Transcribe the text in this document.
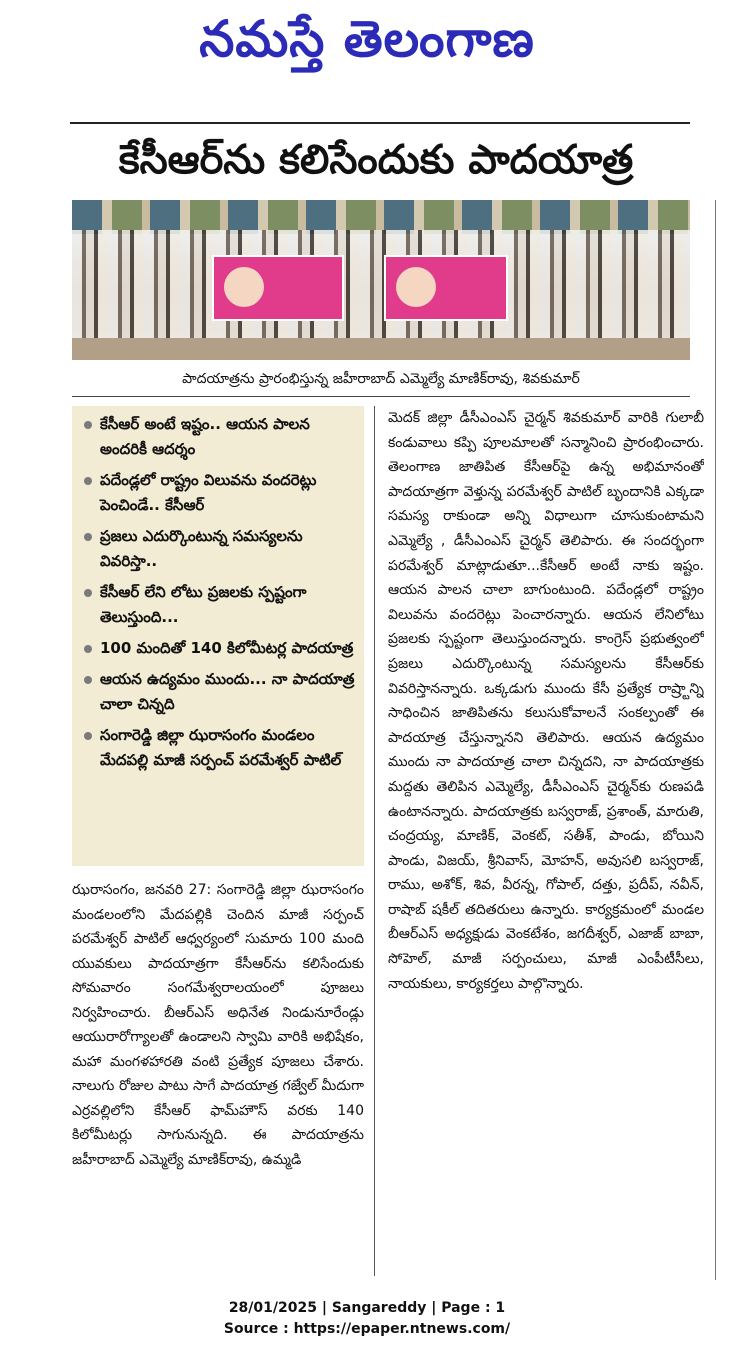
నమస్తే తెలంగాణ
కేసీఆర్‌ను కలిసేందుకు పాదయాత్ర
పాదయాత్రను ప్రారంభిస్తున్న జహీరాబాద్‌ ఎమ్మెల్యే మాణిక్‌రావు, శివకుమార్‌
కేసీఆర్‌ అంటే ఇష్టం.. ఆయన పాలన అందరికీ ఆదర్శం
పదేండ్లలో రాష్ట్రం విలువను వందరెట్లు పెంచిండే.. కేసీఆర్‌
ప్రజలు ఎదుర్కొంటున్న సమస్యలను వివరిస్తా..
కేసీఆర్‌ లేని లోటు ప్రజలకు స్పష్టంగా తెలుస్తుంది...
100 మందితో 140 కిలోమీటర్ల పాదయాత్ర
ఆయన ఉద్యమం ముందు... నా పాదయాత్ర చాలా చిన్నది
సంగారెడ్డి జిల్లా ఝరాసంగం మండలం మేదపల్లి మాజీ సర్పంచ్‌ పరమేశ్వర్‌ పాటిల్‌
ఝరాసంగం, జనవరి 27: సంగారెడ్డి జిల్లా ఝరాసంగం మండలంలోని మేదపల్లికి చెందిన మాజీ సర్పంచ్‌ పరమేశ్వర్‌ పాటిల్‌ ఆధ్వర్యంలో సుమారు 100 మంది యువకులు పాదయాత్రగా కేసీఆర్‌ను కలిసేందుకు సోమవారం సంగమేశ్వరాలయంలో పూజలు నిర్వహించారు. బీఆర్‌ఎస్‌ అధినేత నిండునూరేండ్లు ఆయురారోగ్యాలతో ఉండాలని స్వామి వారికి అభిషేకం, మహా మంగళహారతి వంటి ప్రత్యేక పూజలు చేశారు. నాలుగు రోజుల పాటు సాగే పాదయాత్ర గజ్వేల్‌ మీదుగా ఎర్రవల్లిలోని కేసీఆర్‌ ఫామ్‌హౌస్‌ వరకు 140 కిలోమీటర్లు సాగునున్నది. ఈ పాదయాత్రను జహీరాబాద్‌ ఎమ్మెల్యే మాణిక్‌రావు, ఉమ్మడి
మెదక్‌ జిల్లా డీసీఎంఎస్‌ చైర్మన్‌ శివకుమార్‌ వారికి గులాబీ కండువాలు కప్పి పూలమాలతో సన్మానించి ప్రారంభించారు. తెలంగాణ జాతిపిత కేసీఆర్‌పై ఉన్న అభిమానంతో పాదయాత్రగా వెళ్తున్న పరమేశ్వర్‌ పాటిల్‌ బృందానికి ఎక్కడా సమస్య రాకుండా అన్ని విధాలుగా చూసుకుంటామని ఎమ్మెల్యే , డీసీఎంఎస్‌ చైర్మన్‌ తెలిపారు. ఈ సందర్భంగా పరమేశ్వర్‌ మాట్లాడుతూ...కేసీఆర్‌ అంటే నాకు ఇష్టం. ఆయన పాలన చాలా బాగుంటుంది. పదేండ్లలో రాష్ట్రం విలువను వందరెట్లు పెంచారన్నారు. ఆయన లేనిలోటు ప్రజలకు స్పష్టంగా తెలుస్తుందన్నారు. కాంగ్రెస్‌ ప్రభుత్వంలో ప్రజలు ఎదుర్కొంటున్న సమస్యలను కేసీఆర్‌కు వివరిస్తానన్నారు. ఒక్కడుగు ముందు కేసీ ప్రత్యేక రాష్ర్టాన్ని సాధించిన జాతిపితను కలుసుకోవాలనే సంకల్పంతో ఈ పాదయాత్ర చేస్తున్నానని తెలిపారు. ఆయన ఉద్యమం ముందు నా పాదయాత్ర చాలా చిన్నదని, నా పాదయాత్రకు మద్దతు తెలిపిన ఎమ్మెల్యే, డీసీఎంఎస్‌ చైర్మన్‌కు రుణపడి ఉంటానన్నారు. పాదయాత్రకు బస్వరాజ్‌, ప్రశాంత్‌, మారుతి, చంద్రయ్య, మాణిక్‌, వెంకట్‌, సతీశ్‌, పాండు, బోయిని పాండు, విజయ్‌, శ్రీనివాస్‌, మోహన్‌, అవుసలి బస్వరాజ్‌, రాము, అశోక్‌, శివ, వీరన్న, గోపాల్‌, దత్తు, ప్రదీప్‌, నవీన్‌, రాషాబ్‌ షకీల్‌ తదితరులు ఉన్నారు. కార్యక్రమంలో మండల బీఆర్‌ఎస్‌ అధ్యక్షుడు వెంకటేశం, జగదీశ్వర్‌, ఎజాజ్‌ బాబా, సోహెల్‌, మాజీ సర్పంచులు, మాజీ ఎంపీటీసీలు, నాయకులు, కార్యకర్తలు పాల్గొన్నారు.
28/01/2025 | Sangareddy | Page : 1
Source : https://epaper.ntnews.com/
